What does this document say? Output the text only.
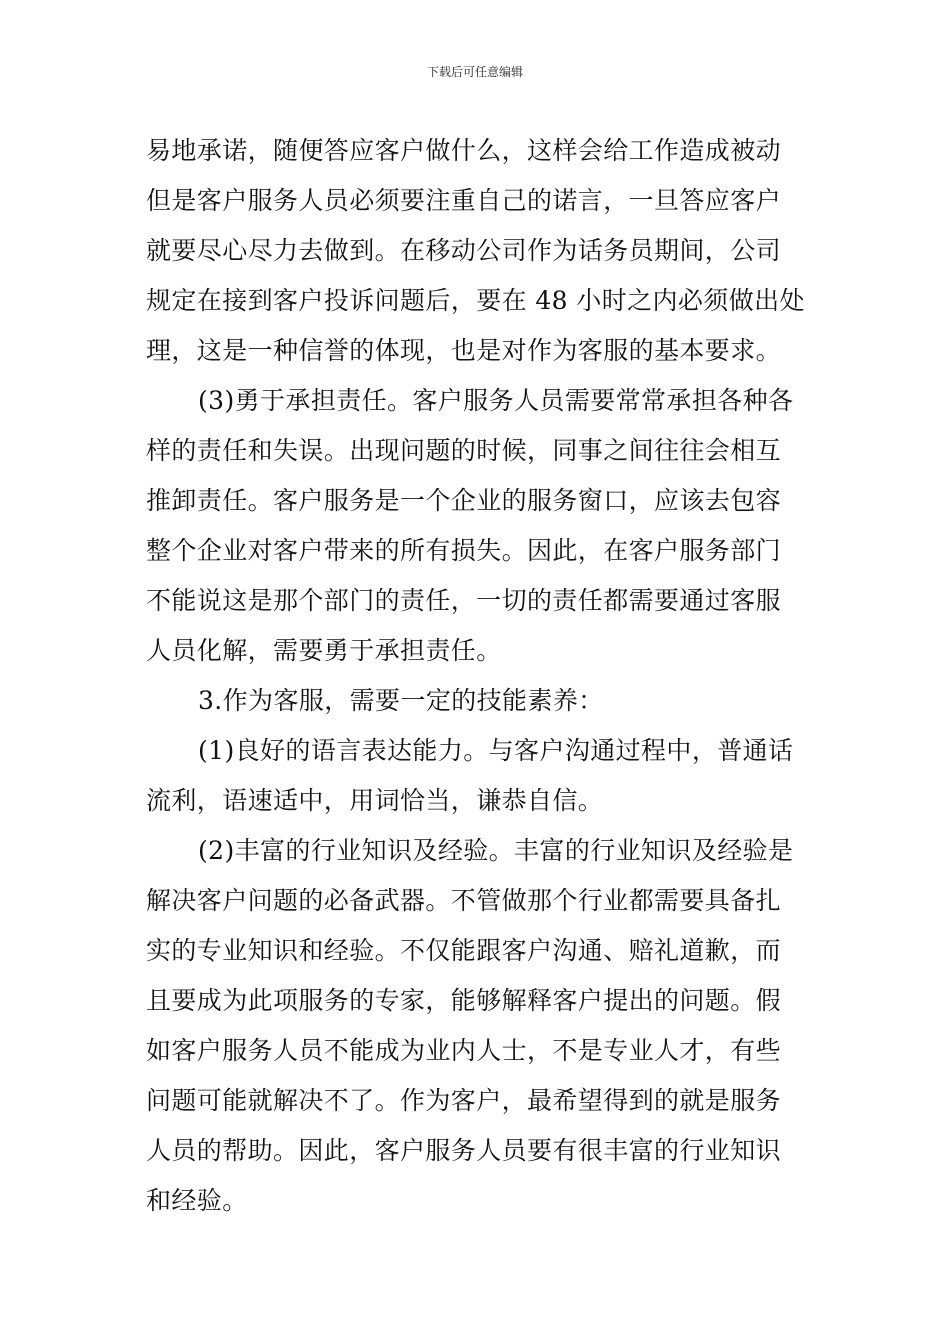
下载后可任意编辑
易地承诺，随便答应客户做什么，这样会给工作造成被动
但是客户服务人员必须要注重自己的诺言，一旦答应客户
就要尽心尽力去做到。在移动公司作为话务员期间，公司
规定在接到客户投诉问题后，要在 48 小时之内必须做出处
理，这是一种信誉的体现，也是对作为客服的基本要求。
(3)勇于承担责任。客户服务人员需要常常承担各种各
样的责任和失误。出现问题的时候，同事之间往往会相互
推卸责任。客户服务是一个企业的服务窗口，应该去包容
整个企业对客户带来的所有损失。因此，在客户服务部门
不能说这是那个部门的责任，一切的责任都需要通过客服
人员化解，需要勇于承担责任。
3.作为客服，需要一定的技能素养：
(1)良好的语言表达能力。与客户沟通过程中，普通话
流利，语速适中，用词恰当，谦恭自信。
(2)丰富的行业知识及经验。丰富的行业知识及经验是
解决客户问题的必备武器。不管做那个行业都需要具备扎
实的专业知识和经验。不仅能跟客户沟通、赔礼道歉，而
且要成为此项服务的专家，能够解释客户提出的问题。假
如客户服务人员不能成为业内人士，不是专业人才，有些
问题可能就解决不了。作为客户，最希望得到的就是服务
人员的帮助。因此，客户服务人员要有很丰富的行业知识
和经验。
